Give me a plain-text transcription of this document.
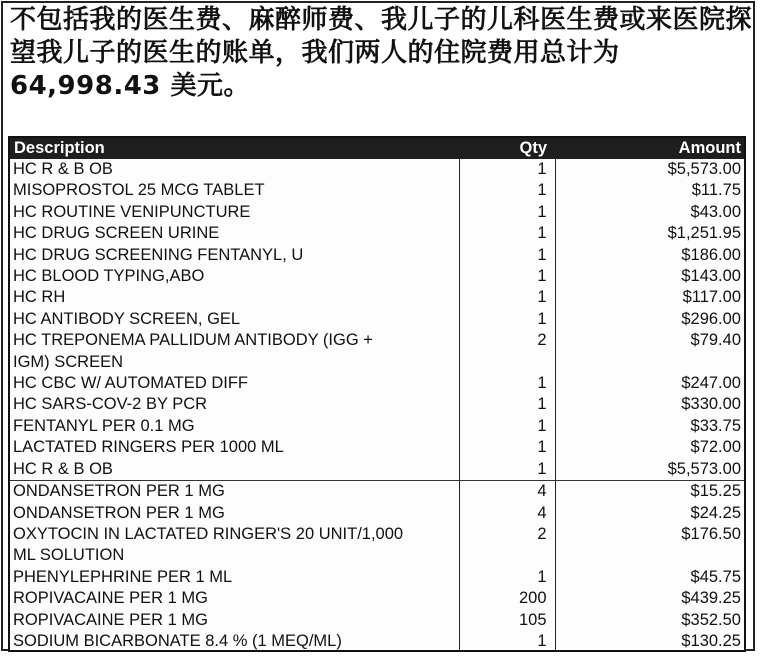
不包括我的医生费、麻醉师费、我儿子的儿科医生费或来医院探望我儿子的医生的账单，我们两人的住院费用总计为 64,998.43 美元。
Description	Qty	Amount
HC R & B OB	1	$5,573.00
MISOPROSTOL 25 MCG TABLET	1	$11.75
HC ROUTINE VENIPUNCTURE	1	$43.00
HC DRUG SCREEN URINE	1	$1,251.95
HC DRUG SCREENING FENTANYL, U	1	$186.00
HC BLOOD TYPING,ABO	1	$143.00
HC RH	1	$117.00
HC ANTIBODY SCREEN, GEL	1	$296.00
HC TREPONEMA PALLIDUM ANTIBODY (IGG +	2	$79.40
IGM) SCREEN		
HC CBC W/ AUTOMATED DIFF	1	$247.00
HC SARS-COV-2 BY PCR	1	$330.00
FENTANYL PER 0.1 MG	1	$33.75
LACTATED RINGERS PER 1000 ML	1	$72.00
HC R & B OB	1	$5,573.00
ONDANSETRON PER 1 MG	4	$15.25
ONDANSETRON PER 1 MG	4	$24.25
OXYTOCIN IN LACTATED RINGER'S 20 UNIT/1,000	2	$176.50
ML SOLUTION		
PHENYLEPHRINE PER 1 ML	1	$45.75
ROPIVACAINE PER 1 MG	200	$439.25
ROPIVACAINE PER 1 MG	105	$352.50
SODIUM BICARBONATE 8.4 % (1 MEQ/ML)	1	$130.25
